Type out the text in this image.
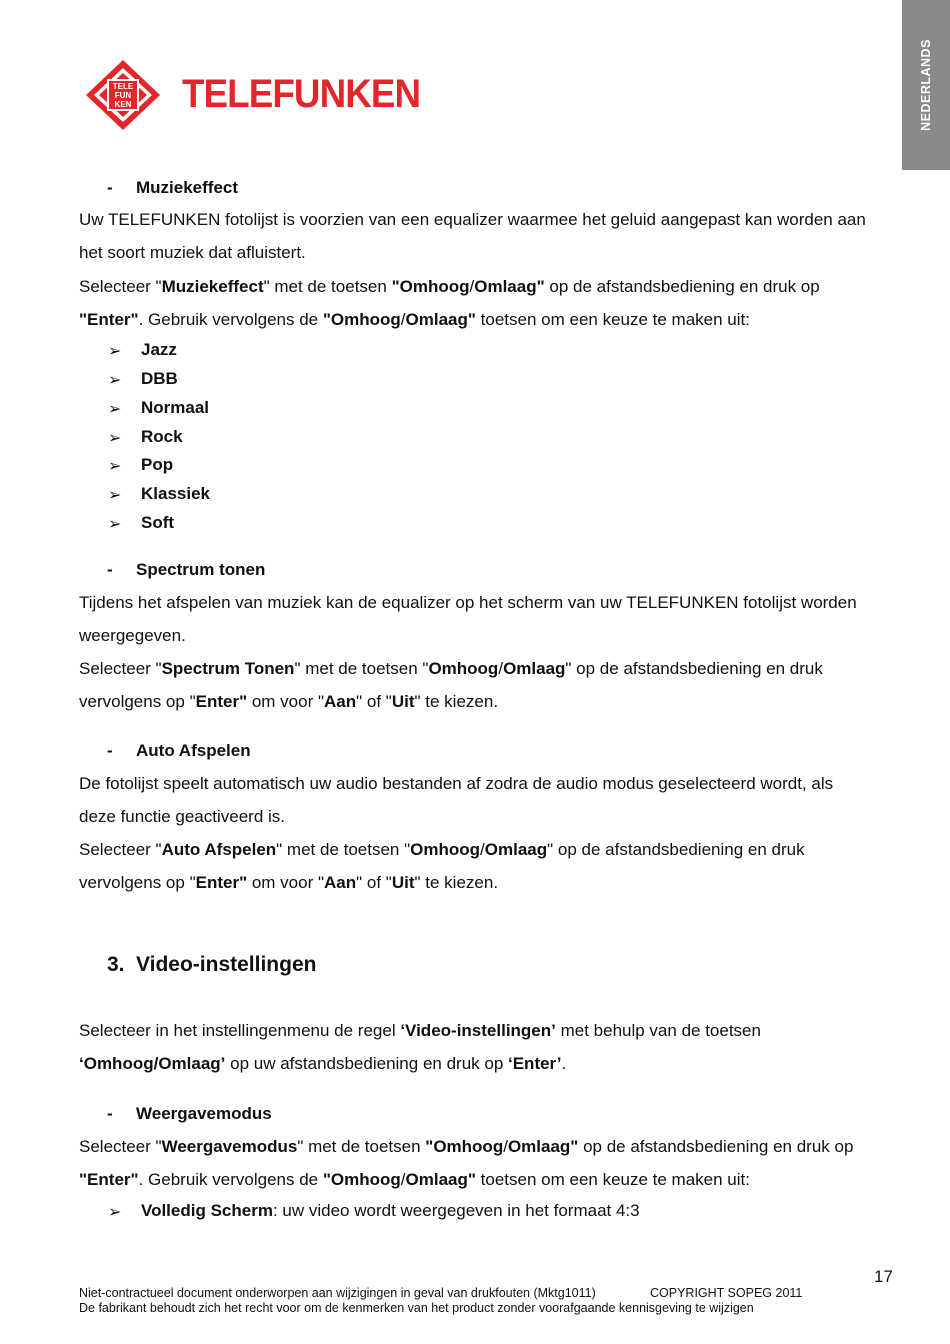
NEDERLANDS
TELE
FUN
KEN TELEFUNKEN
- Muziekeffect
Uw TELEFUNKEN fotolijst is voorzien van een equalizer waarmee het geluid aangepast kan worden aan
het soort muziek dat afluistert.
Selecteer "Muziekeffect" met de toetsen "Omhoog/Omlaag" op de afstandsbediening en druk op
"Enter". Gebruik vervolgens de "Omhoog/Omlaag" toetsen om een keuze te maken uit:
➢ Jazz
➢ DBB
➢ Normaal
➢ Rock
➢ Pop
➢ Klassiek
➢ Soft
- Spectrum tonen
Tijdens het afspelen van muziek kan de equalizer op het scherm van uw TELEFUNKEN fotolijst worden
weergegeven.
Selecteer "Spectrum Tonen" met de toetsen "Omhoog/Omlaag" op de afstandsbediening en druk
vervolgens op "Enter" om voor "Aan" of "Uit" te kiezen.
- Auto Afspelen
De fotolijst speelt automatisch uw audio bestanden af zodra de audio modus geselecteerd wordt, als
deze functie geactiveerd is.
Selecteer "Auto Afspelen" met de toetsen "Omhoog/Omlaag" op de afstandsbediening en druk
vervolgens op "Enter" om voor "Aan" of "Uit" te kiezen.
3. Video-instellingen
Selecteer in het instellingenmenu de regel ‘Video-instellingen’ met behulp van de toetsen
‘Omhoog/Omlaag’ op uw afstandsbediening en druk op ‘Enter’.
- Weergavemodus
Selecteer "Weergavemodus" met de toetsen "Omhoog/Omlaag" op de afstandsbediening en druk op
"Enter". Gebruik vervolgens de "Omhoog/Omlaag" toetsen om een keuze te maken uit:
➢ Volledig Scherm: uw video wordt weergegeven in het formaat 4:3
17
Niet-contractueel document onderworpen aan wijzigingen in geval van drukfouten (Mktg1011)	COPYRIGHT SOPEG 2011
De fabrikant behoudt zich het recht voor om de kenmerken van het product zonder voorafgaande kennisgeving te wijzigen
